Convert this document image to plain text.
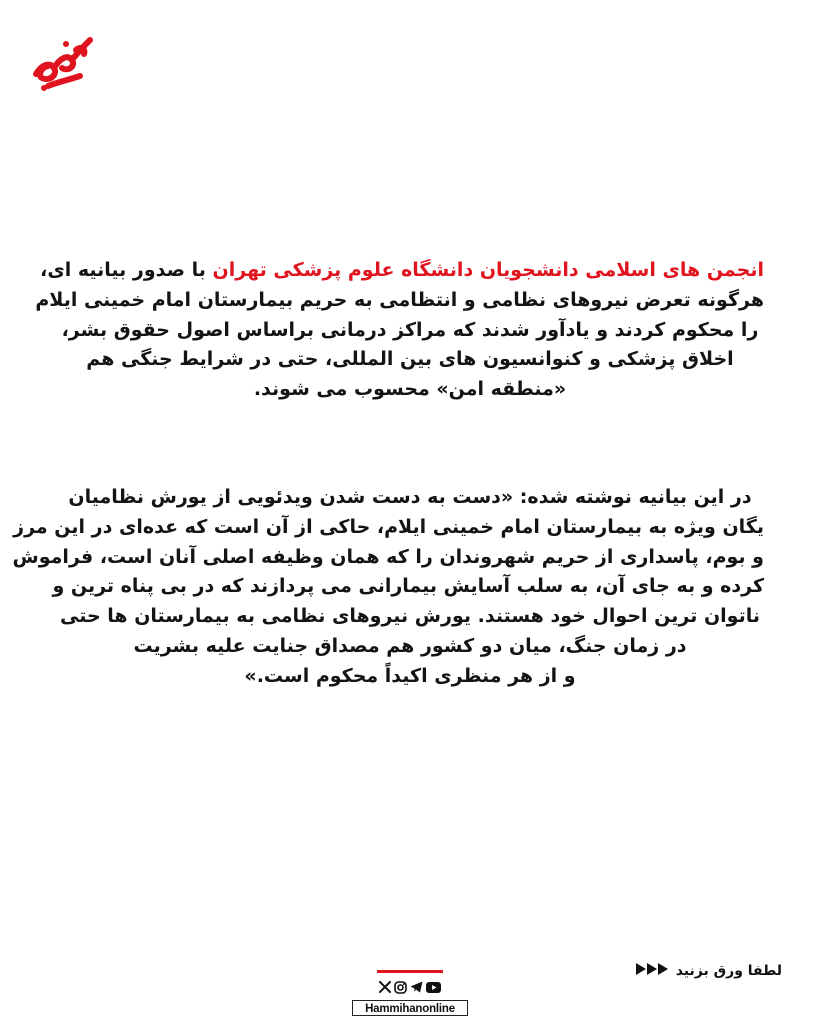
انجمن های اسلامی دانشجویان دانشگاه علوم پزشکی تهران با صدور بیانیه ای،
هرگونه تعرض نیروهای نظامی و انتظامی به حریم بیمارستان امام خمینی ایلام
را محکوم کردند و یادآور شدند که مراکز درمانی براساس اصول حقوق بشر،
اخلاق پزشکی و کنوانسیون های بین المللی، حتی در شرایط جنگی هم
«منطقه امن» محسوب می شوند.
در این بیانیه نوشته شده: «دست به دست شدن ویدئویی از یورش نظامیان
یگان ویژه به بیمارستان امام خمینی ایلام، حاکی از آن است که عده‌ای در این مرز
و بوم، پاسداری از حریم شهروندان را که همان وظیفه اصلی آنان است، فراموش
کرده و به جای آن، به سلب آسایش بیمارانی می پردازند که در بی پناه ترین و
ناتوان ترین احوال خود هستند. یورش نیروهای نظامی به بیمارستان ها حتی
در زمان جنگ، میان دو کشور هم مصداق جنایت علیه بشریت
و از هر منظری اکیداً محکوم است.»
لطفا ورق بزنید
Hammihanonline
